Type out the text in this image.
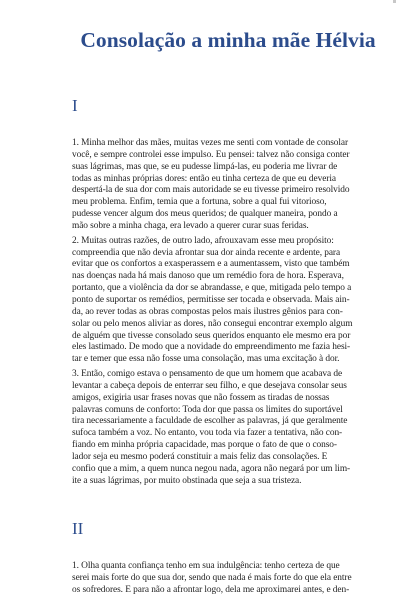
Consolação a minha mãe Hélvia
I

1. Minha melhor das mães, muitas vezes me senti com vontade de consolar
você, e sempre controlei esse impulso. Eu pensei: talvez não consiga conter
suas lágrimas, mas que, se eu pudesse limpá-las, eu poderia me livrar de
todas as minhas próprias dores: então eu tinha certeza de que eu deveria
despertá-la de sua dor com mais autoridade se eu tivesse primeiro resolvido
meu problema. Enfim, temia que a fortuna, sobre a qual fui vitorioso,
pudesse vencer algum dos meus queridos; de qualquer maneira, pondo a
mão sobre a minha chaga, era levado a querer curar suas feridas.

2. Muitas outras razões, de outro lado, afrouxavam esse meu propósito:
compreendia que não devia afrontar sua dor ainda recente e ardente, para
evitar que os confortos a exasperassem e a aumentassem, visto que também
nas doenças nada há mais danoso que um remédio fora de hora. Esperava,
portanto, que a violência da dor se abrandasse, e que, mitigada pelo tempo a
ponto de suportar os remédios, permitisse ser tocada e observada. Mais ain-
da, ao rever todas as obras compostas pelos mais ilustres gênios para con-
solar ou pelo menos aliviar as dores, não consegui encontrar exemplo algum
de alguém que tivesse consolado seus queridos enquanto ele mesmo era por
eles lastimado. De modo que a novidade do empreendimento me fazia hesi-
tar e temer que essa não fosse uma consolação, mas uma excitação à dor.

3. Então, comigo estava o pensamento de que um homem que acabava de
levantar a cabeça depois de enterrar seu filho, e que desejava consolar seus
amigos, exigiria usar frases novas que não fossem as tiradas de nossas
palavras comuns de conforto: Toda dor que passa os limites do suportável
tira necessariamente a faculdade de escolher as palavras, já que geralmente
sufoca também a voz. No entanto, vou toda via fazer a tentativa, não con-
fiando em minha própria capacidade, mas porque o fato de que o conso-
lador seja eu mesmo poderá constituir a mais feliz das consolações. E
confio que a mim, a quem nunca negou nada, agora não negará por um lim-
ite a suas lágrimas, por muito obstinada que seja a sua tristeza.

II

1. Olha quanta confiança tenho em sua indulgência: tenho certeza de que
serei mais forte do que sua dor, sendo que nada é mais forte do que ela entre
os sofredores. E para não a afrontar logo, dela me aproximarei antes, e den-
